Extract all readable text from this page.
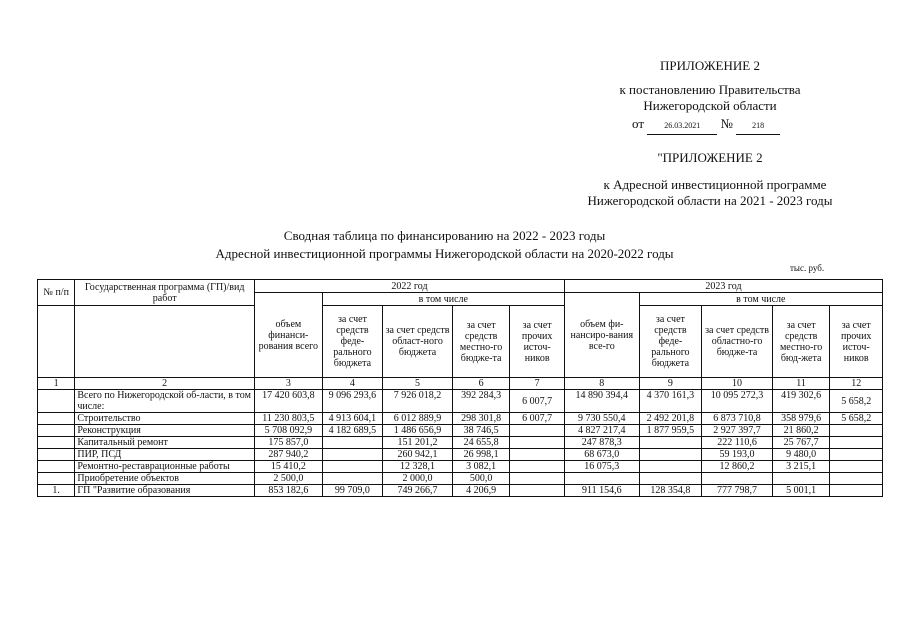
ПРИЛОЖЕНИЕ 2
к постановлению Правительства
Нижегородской области
от	26.03.2021 № 218
"ПРИЛОЖЕНИЕ 2
к Адресной инвестиционной программе
Нижегородской области на 2021 - 2023 годы
Сводная таблица по финансированию на 2022 - 2023 годы
Адресной инвестиционной программы Нижегородской области на 2020-2022 годы
тыс. руб.
№ п/п	Государственная программа (ГП)/вид работ	2022 год					2023 год				
		объем финанси-рования всего	в том числе				объем фи-нансиро-вания все-го	в том числе			
			за счет средств феде-рального бюджета	за счет средств област-ного бюджета	за счет средств местно-го бюдже-та	за счет прочих источ-ников		за счет средств феде-рального бюджета	за счет средств областно-го бюдже-та	за счет средств местно-го бюд-жета	за счет прочих источ-ников
1	2	3	4	5	6	7	8	9	10	11	12
	Всего по Нижегородской об-ласти, в том числе:	17 420 603,8	9 096 293,6	7 926 018,2	392 284,3	6 007,7	14 890 394,4	4 370 161,3	10 095 272,3	419 302,6	5 658,2
	Строительство	11 230 803,5	4 913 604,1	6 012 889,9	298 301,8	6 007,7	9 730 550,4	2 492 201,8	6 873 710,8	358 979,6	5 658,2
	Реконструкция	5 708 092,9	4 182 689,5	1 486 656,9	38 746,5		4 827 217,4	1 877 959,5	2 927 397,7	21 860,2	
	Капитальный ремонт	175 857,0		151 201,2	24 655,8		247 878,3		222 110,6	25 767,7	
	ПИР, ПСД	287 940,2		260 942,1	26 998,1		68 673,0		59 193,0	9 480,0	
	Ремонтно-реставрационные работы	15 410,2		12 328,1	3 082,1		16 075,3		12 860,2	3 215,1	
	Приобретение объектов	2 500,0		2 000,0	500,0						
1.	ГП "Развитие образования	853 182,6	99 709,0	749 266,7	4 206,9		911 154,6	128 354,8	777 798,7	5 001,1	
